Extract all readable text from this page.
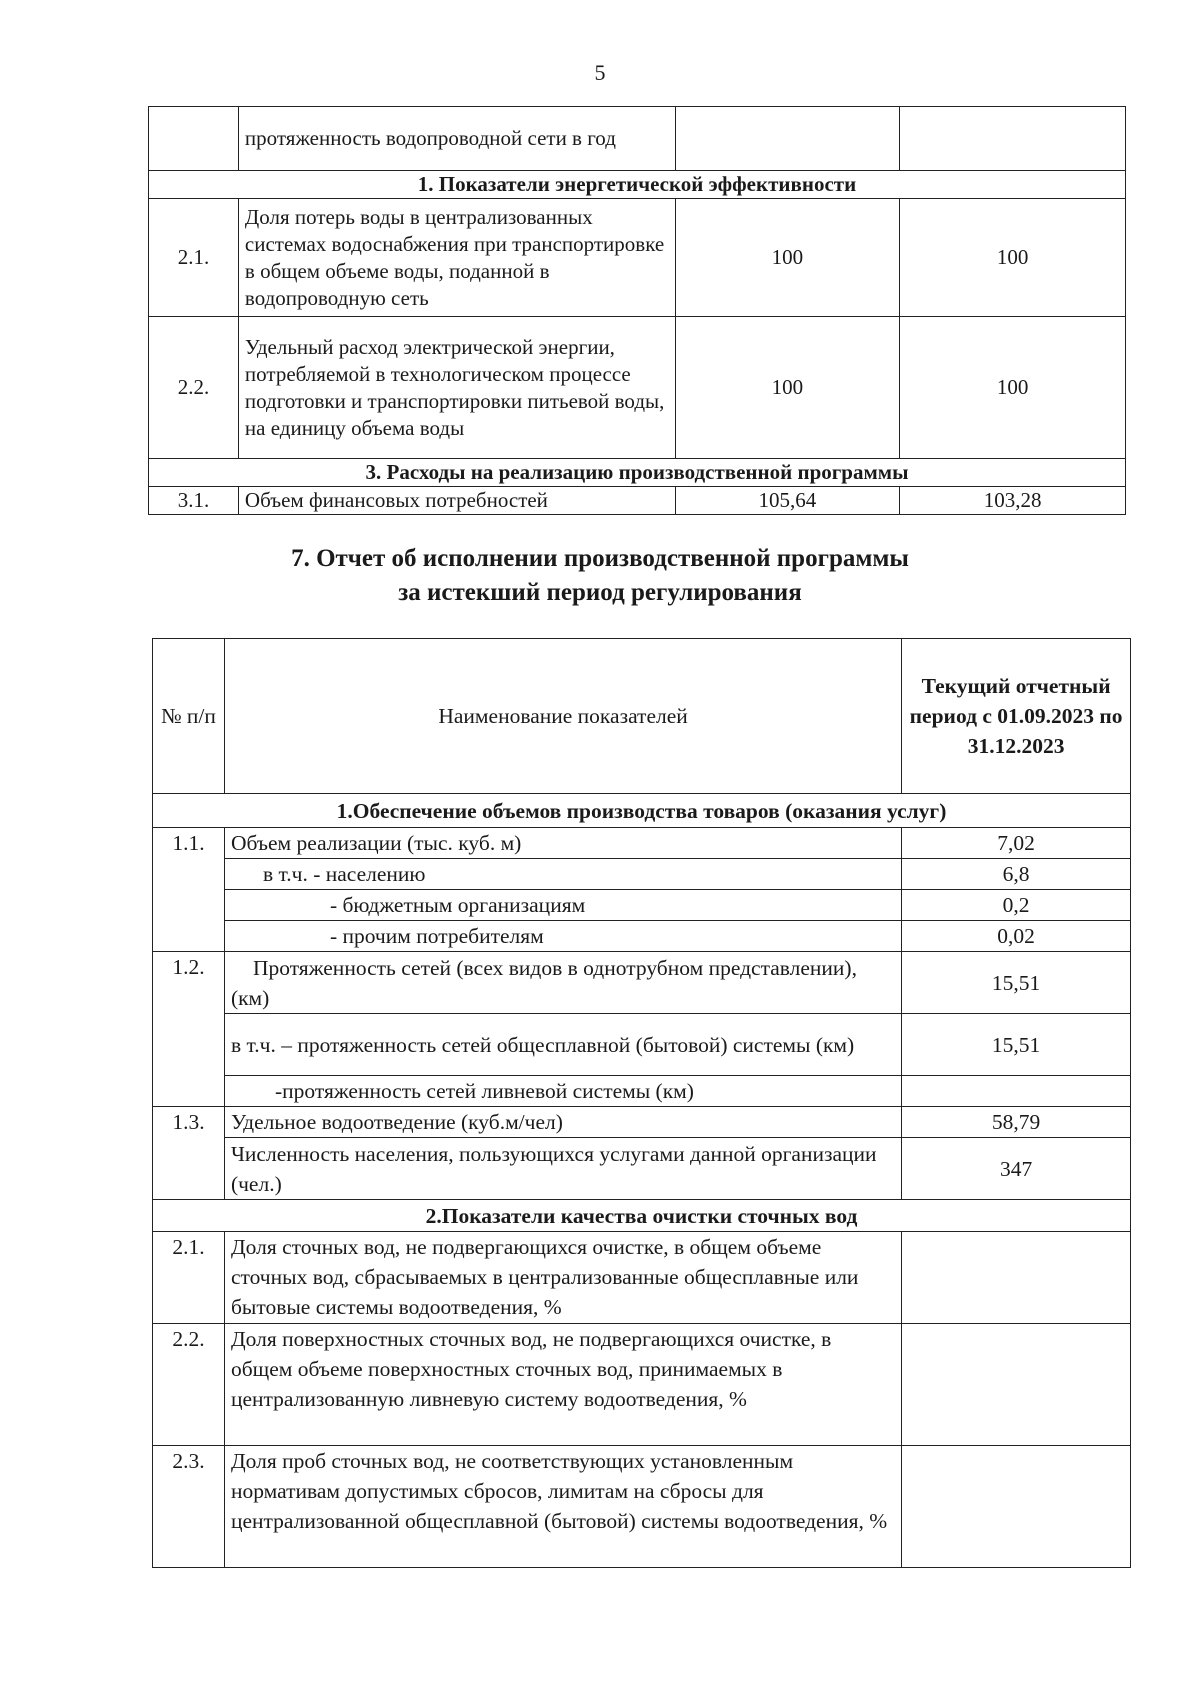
5
	протяженность водопроводной сети в год		
1. Показатели энергетической эффективности			
2.1.	Доля потерь воды в централизованных системах водоснабжения при транспортировке в общем объеме воды, поданной в водопроводную сеть	100	100
2.2.	Удельный расход электрической энергии, потребляемой в технологическом процессе подготовки и транспортировки питьевой воды, на единицу объема воды	100	100
3. Расходы на реализацию производственной программы			
3.1.	Объем финансовых потребностей	105,64	103,28
7. Отчет об исполнении производственной программы
за истекший период регулирования
№ п/п	Наименование показателей	Текущий отчетный период с 01.09.2023 по 31.12.2023
1.Обеспечение объемов производства товаров (оказания услуг)		
1.1.	Объем реализации (тыс. куб. м)	7,02
	в т.ч. - населению	6,8
	- бюджетным организациям	0,2
	- прочим потребителям	0,02
1.2.	Протяженность сетей (всех видов в однотрубном представлении), (км)	15,51
	в т.ч. – протяженность сетей общесплавной (бытовой) системы (км)	15,51
	-протяженность сетей ливневой системы (км)	
1.3.	Удельное водоотведение (куб.м/чел)	58,79
	Численность населения, пользующихся услугами данной организации (чел.)	347
2.Показатели качества очистки сточных вод		
2.1.	Доля сточных вод, не подвергающихся очистке, в общем объеме сточных вод, сбрасываемых в централизованные общесплавные или бытовые системы водоотведения, %	
2.2.	Доля поверхностных сточных вод, не подвергающихся очистке, в общем объеме поверхностных сточных вод, принимаемых в централизованную ливневую систему водоотведения, %	
2.3.	Доля проб сточных вод, не соответствующих установленным нормативам допустимых сбросов, лимитам на сбросы для централизованной общесплавной (бытовой) системы водоотведения, %	
